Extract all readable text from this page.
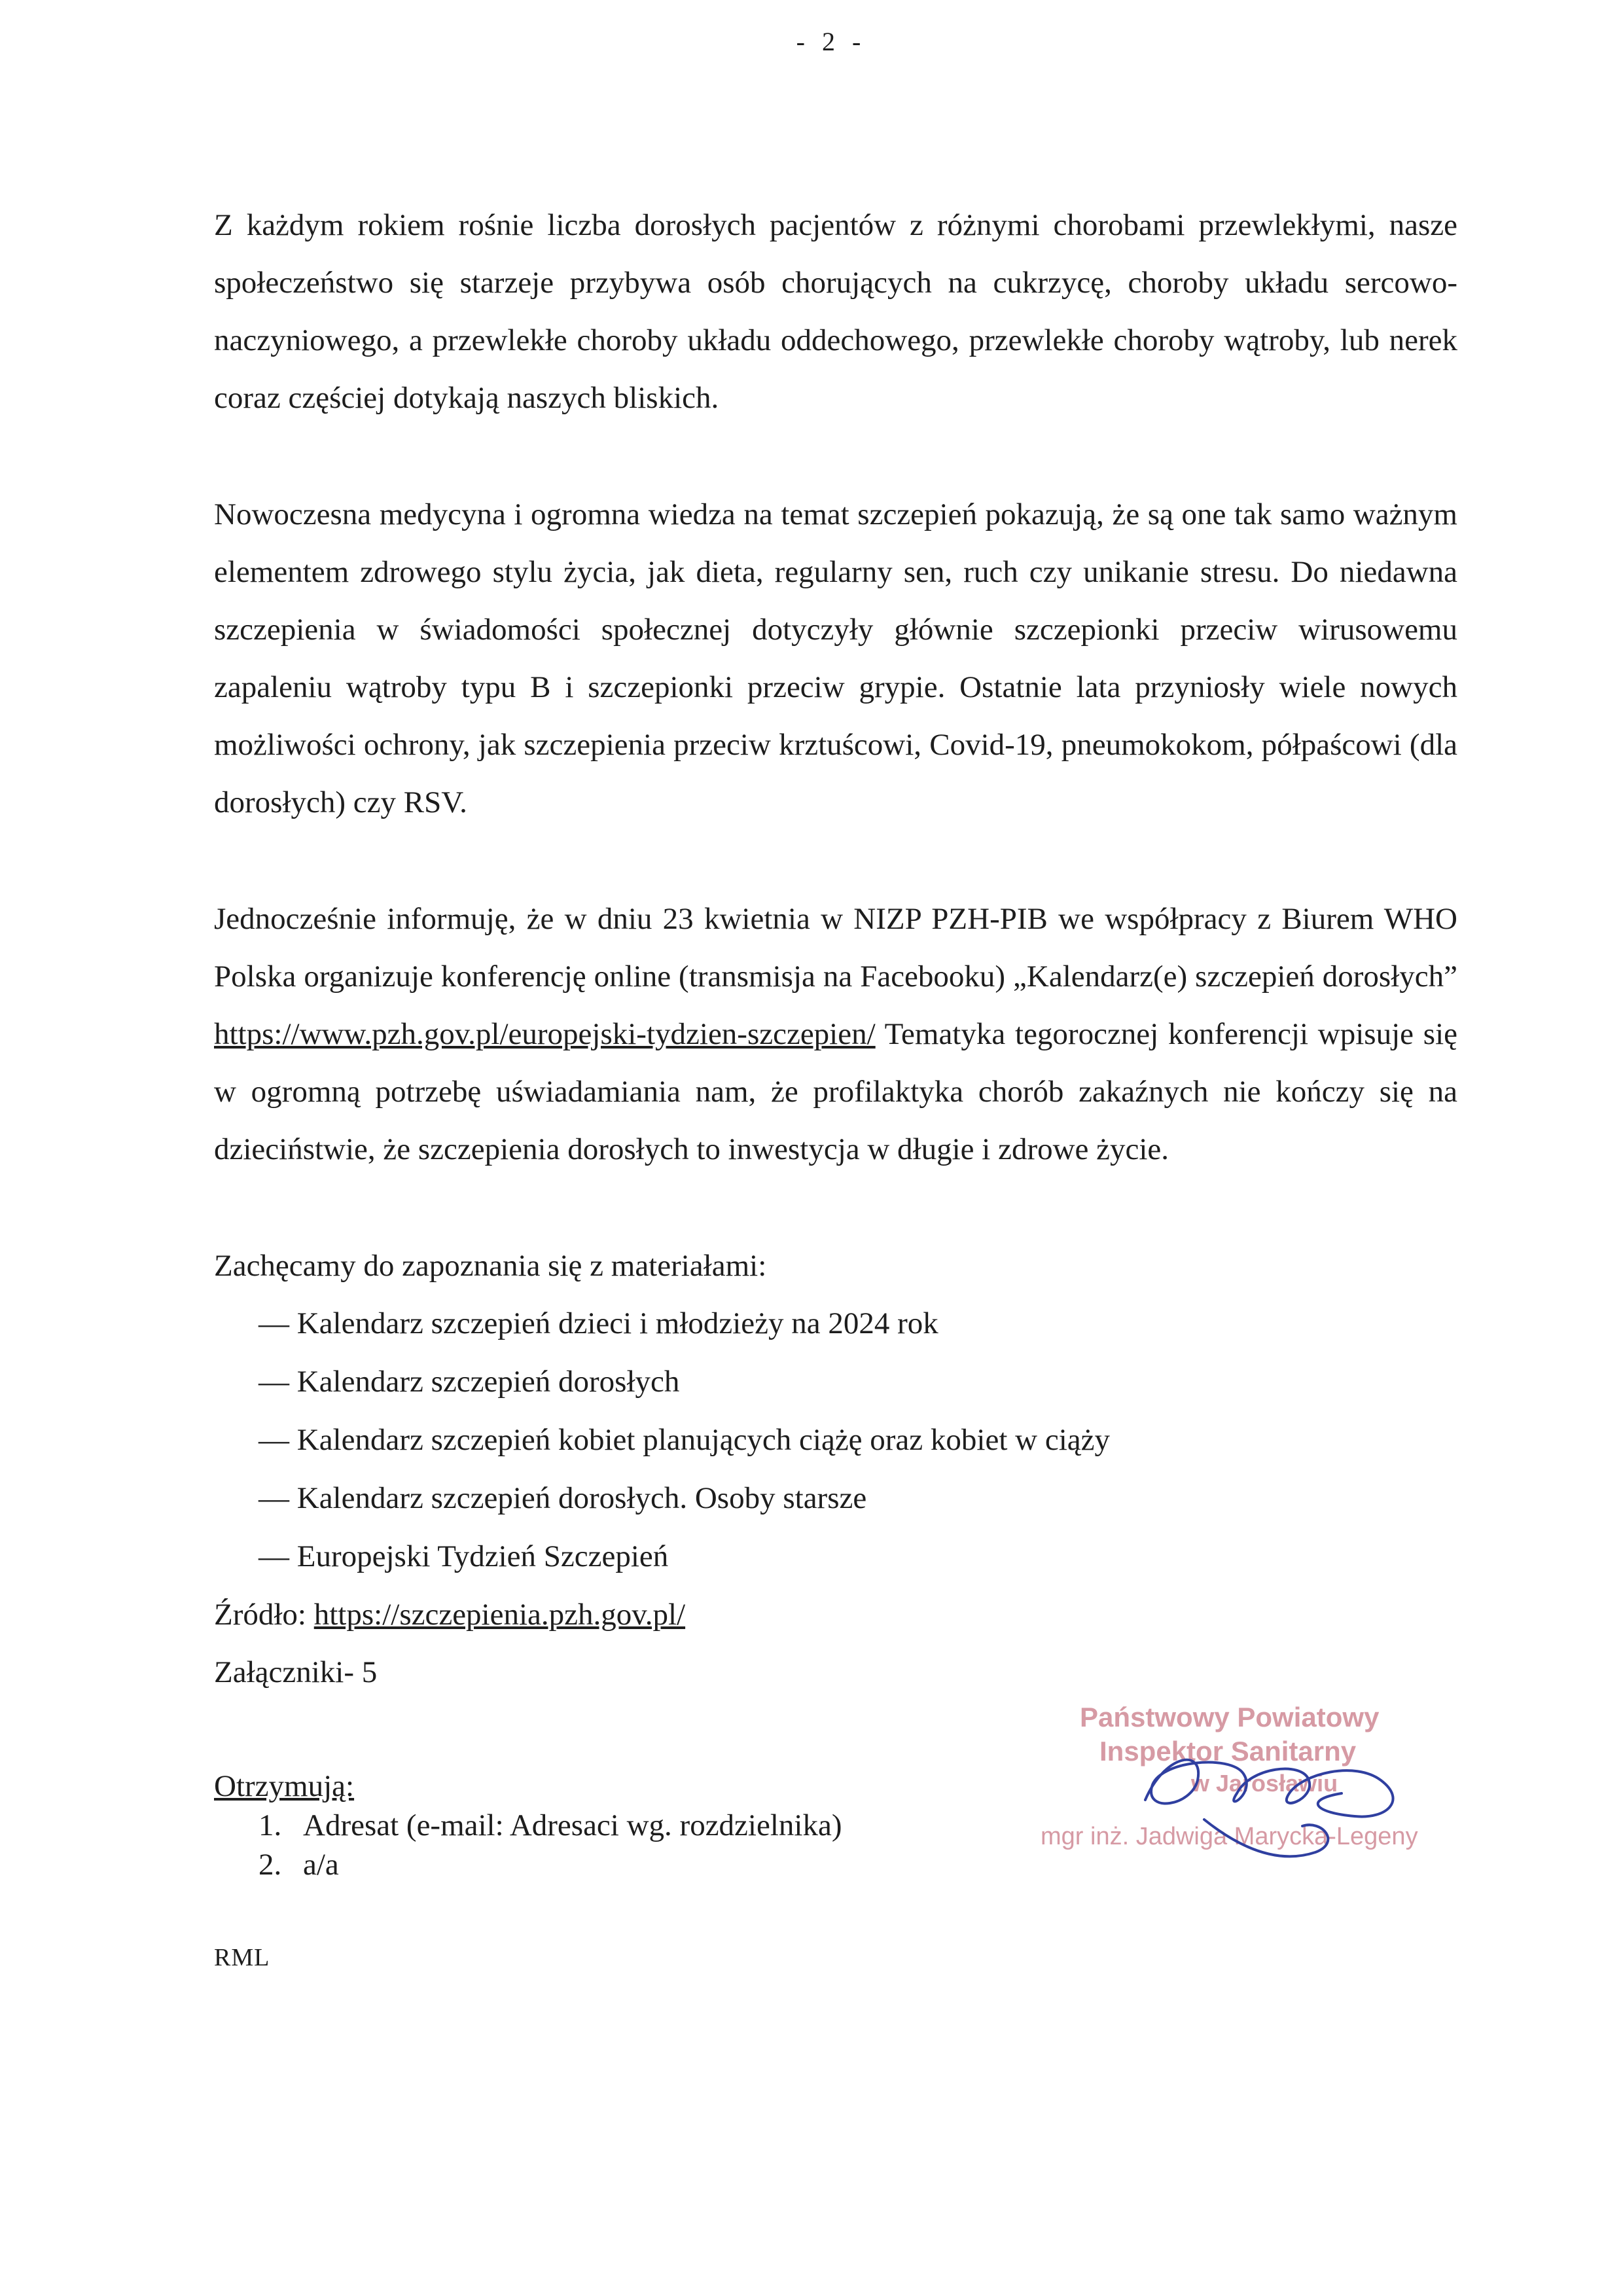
- 2 -

Z każdym rokiem rośnie liczba dorosłych pacjentów z różnymi chorobami przewlekłymi, nasze społeczeństwo się starzeje przybywa osób chorujących na cukrzycę, choroby układu sercowo-naczyniowego, a przewlekłe choroby układu oddechowego, przewlekłe choroby wątroby, lub nerek coraz częściej dotykają naszych bliskich.

Nowoczesna medycyna i ogromna wiedza na temat szczepień pokazują, że są one tak samo ważnym elementem zdrowego stylu życia, jak dieta, regularny sen, ruch czy unikanie stresu. Do niedawna szczepienia w świadomości społecznej dotyczyły głównie szczepionki przeciw wirusowemu zapaleniu wątroby typu B i szczepionki przeciw grypie. Ostatnie lata przyniosły wiele nowych możliwości ochrony, jak szczepienia przeciw krztuścowi, Covid-19, pneumokokom, półpaścowi (dla dorosłych) czy RSV.

Jednocześnie informuję, że w dniu 23 kwietnia w NIZP PZH-PIB we współpracy z Biurem WHO Polska organizuje konferencję online (transmisja na Facebooku) „Kalendarz(e) szczepień dorosłych” https://www.pzh.gov.pl/europejski-tydzien-szczepien/ Tematyka tegorocznej konferencji wpisuje się w ogromną potrzebę uświadamiania nam, że profilaktyka chorób zakaźnych nie kończy się na dzieciństwie, że szczepienia dorosłych to inwestycja w długie i zdrowe życie.

Zachęcamy do zapoznania się z materiałami:

— Kalendarz szczepień dzieci i młodzieży na 2024 rok
— Kalendarz szczepień dorosłych
— Kalendarz szczepień kobiet planujących ciążę oraz kobiet w ciąży
— Kalendarz szczepień dorosłych. Osoby starsze
— Europejski Tydzień Szczepień

Źródło: https://szczepienia.pzh.gov.pl/

Załączniki- 5

Otrzymują:
1. Adresat (e-mail: Adresaci wg. rozdzielnika)
2. a/a
RML
Państwowy Powiatowy
Inspektor Sanitarny
w Jarosławiu
mgr inż. Jadwiga Marycka-Legeny
